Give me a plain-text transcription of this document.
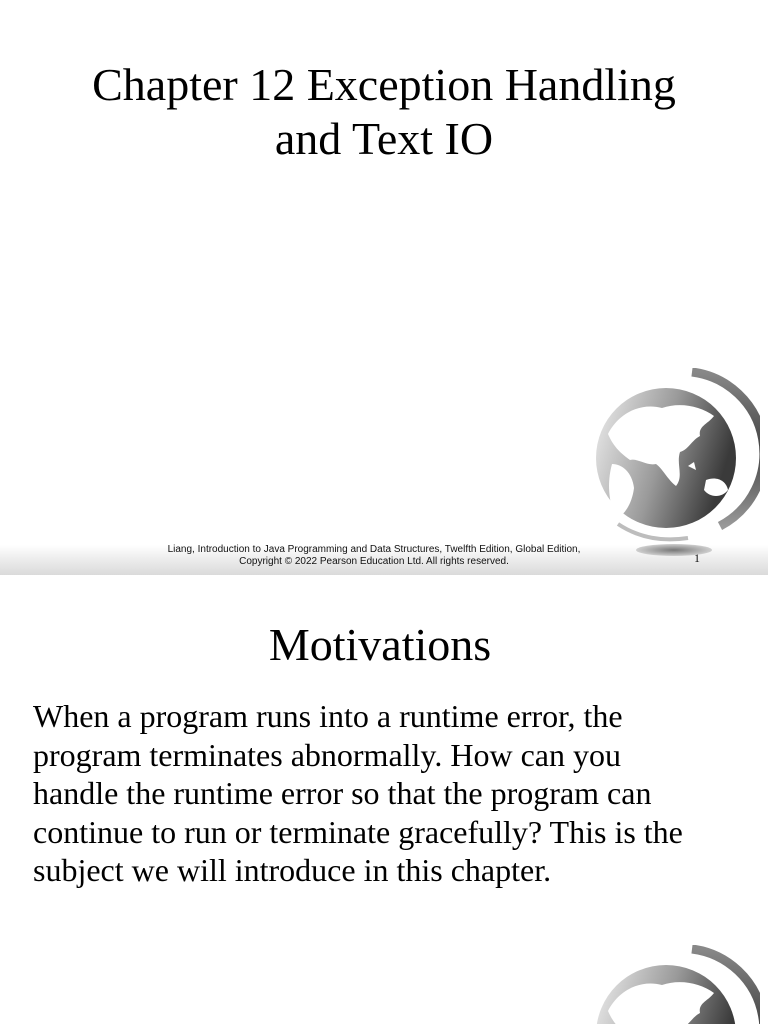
Chapter 12 Exception Handling
and Text IO
Liang, Introduction to Java Programming and Data Structures, Twelfth Edition, Global Edition,
Copyright © 2022 Pearson Education Ltd. All rights reserved.	1
Motivations

When a program runs into a runtime error, the
program terminates abnormally. How can you
handle the runtime error so that the program can
continue to run or terminate gracefully? This is the
subject we will introduce in this chapter.
